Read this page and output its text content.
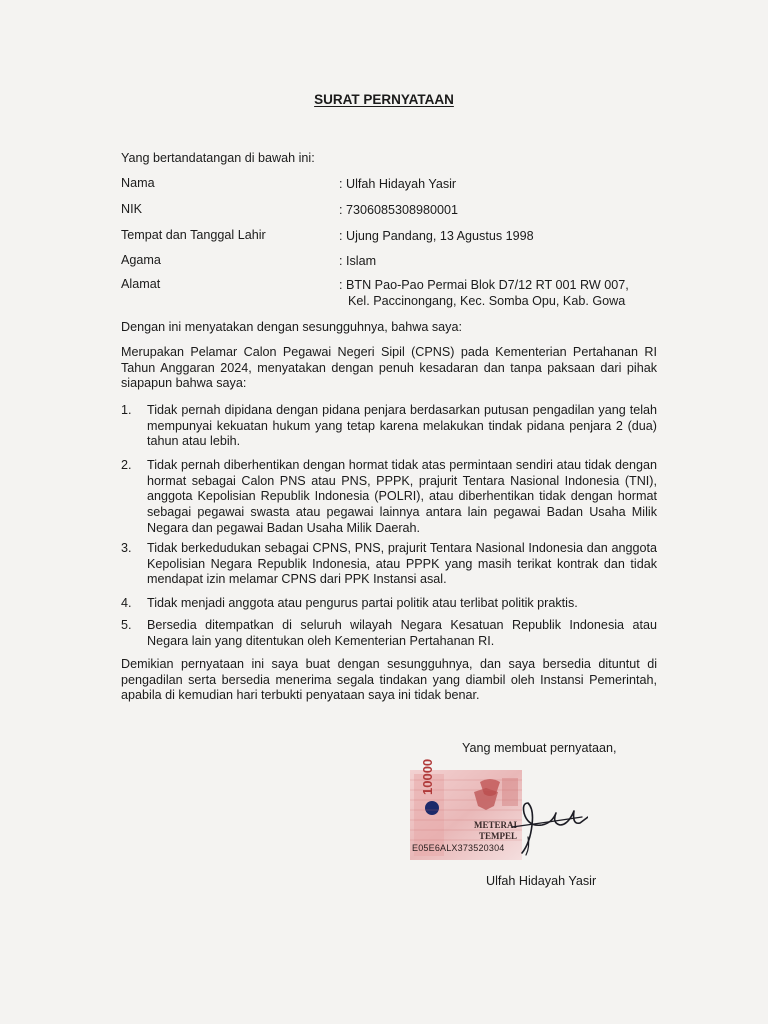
SURAT PERNYATAAN
Yang bertandatangan di bawah ini:
Nama	: Ulfah Hidayah Yasir
NIK	: 7306085308980001
Tempat dan Tanggal Lahir	: Ujung Pandang, 13 Agustus 1998
Agama	: Islam
Alamat	: BTN Pao-Pao Permai Blok D7/12 RT 001 RW 007,
Kel. Paccinongang, Kec. Somba Opu, Kab. Gowa
Dengan ini menyatakan dengan sesungguhnya, bahwa saya:
Merupakan Pelamar Calon Pegawai Negeri Sipil (CPNS) pada Kementerian Pertahanan RI Tahun Anggaran 2024, menyatakan dengan penuh kesadaran dan tanpa paksaan dari pihak siapapun bahwa saya:
1.	Tidak pernah dipidana dengan pidana penjara berdasarkan putusan pengadilan yang telah mempunyai kekuatan hukum yang tetap karena melakukan tindak pidana penjara 2 (dua) tahun atau lebih.
2.	Tidak pernah diberhentikan dengan hormat tidak atas permintaan sendiri atau tidak dengan hormat sebagai Calon PNS atau PNS, PPPK, prajurit Tentara Nasional Indonesia (TNI), anggota Kepolisian Republik Indonesia (POLRI), atau diberhentikan tidak dengan hormat sebagai pegawai swasta atau pegawai lainnya antara lain pegawai Badan Usaha Milik Negara dan pegawai Badan Usaha Milik Daerah.
3.	Tidak berkedudukan sebagai CPNS, PNS, prajurit Tentara Nasional Indonesia dan anggota Kepolisian Negara Republik Indonesia, atau PPPK yang masih terikat kontrak dan tidak mendapat izin melamar CPNS dari PPK Instansi asal.
4.	Tidak menjadi anggota atau pengurus partai politik atau terlibat politik praktis.
5.	Bersedia ditempatkan di seluruh wilayah Negara Kesatuan Republik Indonesia atau Negara lain yang ditentukan oleh Kementerian Pertahanan RI.
Demikian pernyataan ini saya buat dengan sesungguhnya, dan saya bersedia dituntut di pengadilan serta bersedia menerima segala tindakan yang diambil oleh Instansi Pemerintah, apabila di kemudian hari terbukti penyataan saya ini tidak benar.
Yang membuat pernyataan,
10000
METERAI
TEMPEL
E05E6ALX373520304
Ulfah Hidayah Yasir
